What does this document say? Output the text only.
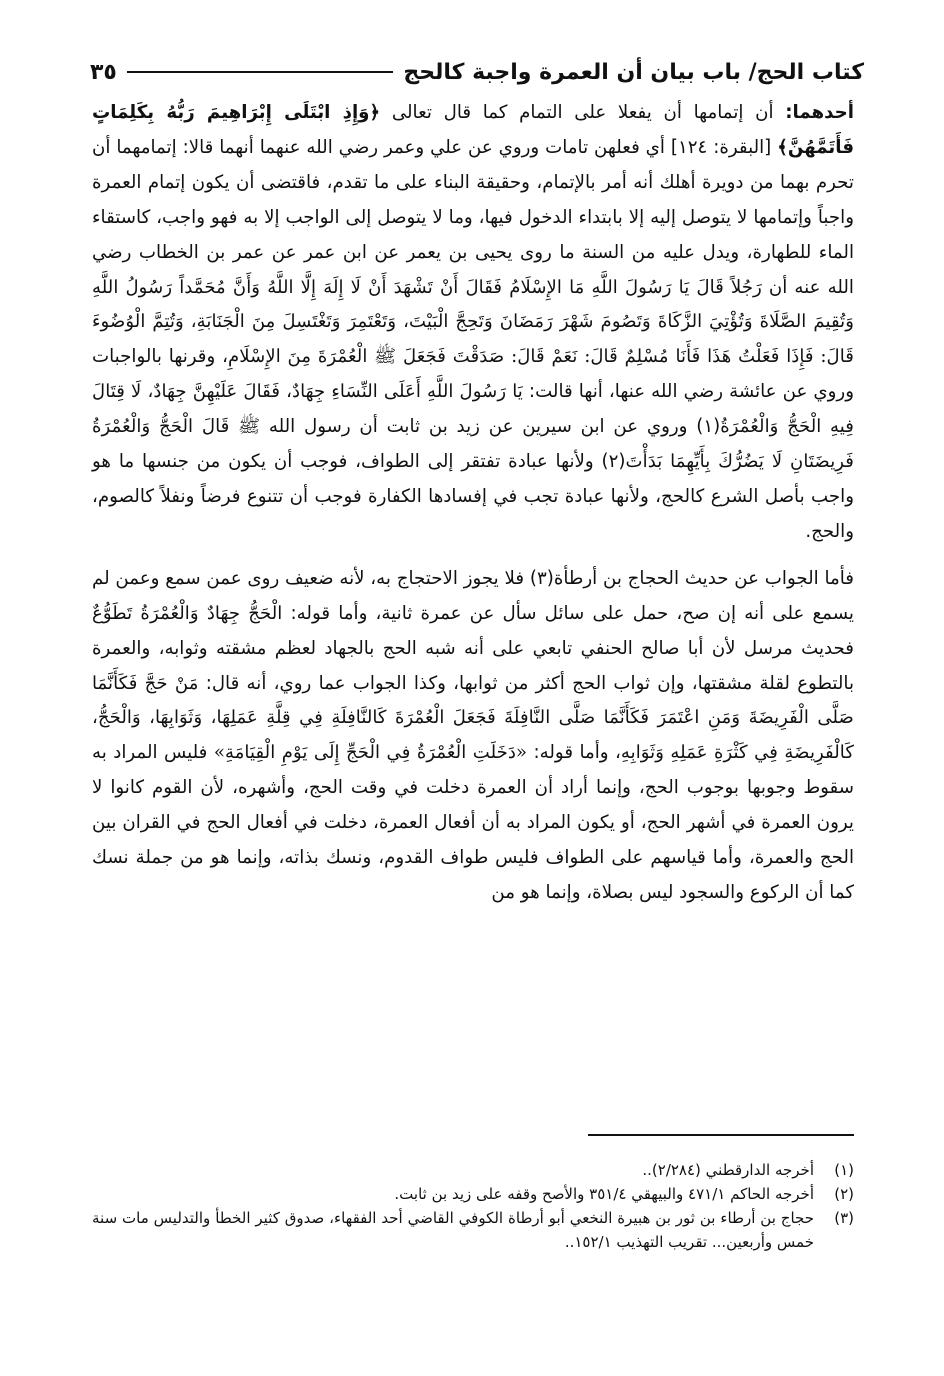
كتاب الحج/ باب بيان أن العمرة واجبة كالحج
٣٥

أحدهما: أن إتمامها أن يفعلا على التمام كما قال تعالى ﴿وَإِذِ ابْتَلَى إِبْرَاهِيمَ رَبُّهُ بِكَلِمَاتٍ فَأَتَمَّهُنَّ﴾ [البقرة: ١٢٤] أي فعلهن تامات وروي عن علي وعمر رضي الله عنهما أنهما قالا: إتمامهما أن تحرم بهما من دويرة أهلك أنه أمر بالإتمام، وحقيقة البناء على ما تقدم، فاقتضى أن يكون إتمام العمرة واجباً وإتمامها لا يتوصل إليه إلا بابتداء الدخول فيها، وما لا يتوصل إلى الواجب إلا به فهو واجب، كاستقاء الماء للطهارة، ويدل عليه من السنة ما روى يحيى بن يعمر عن ابن عمر عن عمر بن الخطاب رضي الله عنه أن رَجُلاً قَالَ يَا رَسُولَ اللَّهِ مَا الإِسْلَامُ فَقَالَ أَنْ تَشْهَدَ أَنْ لَا إِلَهَ إِلَّا اللَّهُ وَأَنَّ مُحَمَّداً رَسُولُ اللَّهِ وَتُقِيمَ الصَّلَاةَ وَتُؤْتِيَ الزَّكَاةَ وَتَصُومَ شَهْرَ رَمَضَانَ وَتَحِجَّ الْبَيْتَ، وَتَعْتَمِرَ وَتَغْتَسِلَ مِنَ الْجَنَابَةِ، وَتُتِمَّ الْوُضُوءَ قَالَ: فَإِذَا فَعَلْتُ هَذَا فَأَنَا مُسْلِمٌ قَالَ: نَعَمْ قَالَ: صَدَقْتَ فَجَعَلَ ﷺ الْعُمْرَةَ مِنَ الإِسْلَامِ، وقرنها بالواجبات وروي عن عائشة رضي الله عنها، أنها قالت: يَا رَسُولَ اللَّهِ أَعَلَى النِّسَاءِ جِهَادٌ، فَقَالَ عَلَيْهِنَّ جِهَادٌ، لَا قِتَالَ فِيهِ الْحَجُّ وَالْعُمْرَةُ(١) وروي عن ابن سيرين عن زيد بن ثابت أن رسول الله ﷺ قَالَ الْحَجُّ وَالْعُمْرَةُ فَرِيضَتَانِ لَا يَضُرُّكَ بِأَيِّهِمَا بَدَأْتَ(٢) ولأنها عبادة تفتقر إلى الطواف، فوجب أن يكون من جنسها ما هو واجب بأصل الشرع كالحج، ولأنها عبادة تجب في إفسادها الكفارة فوجب أن تتنوع فرضاً ونفلاً كالصوم، والحج.

فأما الجواب عن حديث الحجاج بن أرطأة(٣) فلا يجوز الاحتجاج به، لأنه ضعيف روى عمن سمع وعمن لم يسمع على أنه إن صح، حمل على سائل سأل عن عمرة ثانية، وأما قوله: الْحَجُّ جِهَادٌ وَالْعُمْرَةُ تَطَوُّعٌ فحديث مرسل لأن أبا صالح الحنفي تابعي على أنه شبه الحج بالجهاد لعظم مشقته وثوابه، والعمرة بالتطوع لقلة مشقتها، وإن ثواب الحج أكثر من ثوابها، وكذا الجواب عما روي، أنه قال: مَنْ حَجَّ فَكَأَنَّمَا صَلَّى الْفَرِيضَةَ وَمَنِ اعْتَمَرَ فَكَأَنَّمَا صَلَّى النَّافِلَةَ فَجَعَلَ الْعُمْرَةَ كَالنَّافِلَةِ فِي قِلَّةِ عَمَلِهَا، وَثَوَابِهَا، وَالْحَجُّ، كَالْفَرِيضَةِ فِي كَثْرَةِ عَمَلِهِ وَثَوَابِهِ، وأما قوله: «دَخَلَتِ الْعُمْرَةُ فِي الْحَجِّ إِلَى يَوْمِ الْقِيَامَةِ» فليس المراد به سقوط وجوبها بوجوب الحج، وإنما أراد أن العمرة دخلت في وقت الحج، وأشهره، لأن القوم كانوا لا يرون العمرة في أشهر الحج، أو يكون المراد به أن أفعال العمرة، دخلت في أفعال الحج في القران بين الحج والعمرة، وأما قياسهم على الطواف فليس طواف القدوم، ونسك بذاته، وإنما هو من جملة نسك كما أن الركوع والسجود ليس بصلاة، وإنما هو من

(١)
أخرجه الدارقطني (٢/٢٨٤)..
(٢)
أخرجه الحاكم ٤٧١/١ والبيهقي ٣٥١/٤ والأصح وقفه على زيد بن ثابت.
(٣)
حجاج بن أرطاء بن ثور بن هبيرة النخعي أبو أرطاة الكوفي القاضي أحد الفقهاء، صدوق كثير الخطأ والتدليس مات سنة خمس وأربعين... تقريب التهذيب ١٥٢/١..
